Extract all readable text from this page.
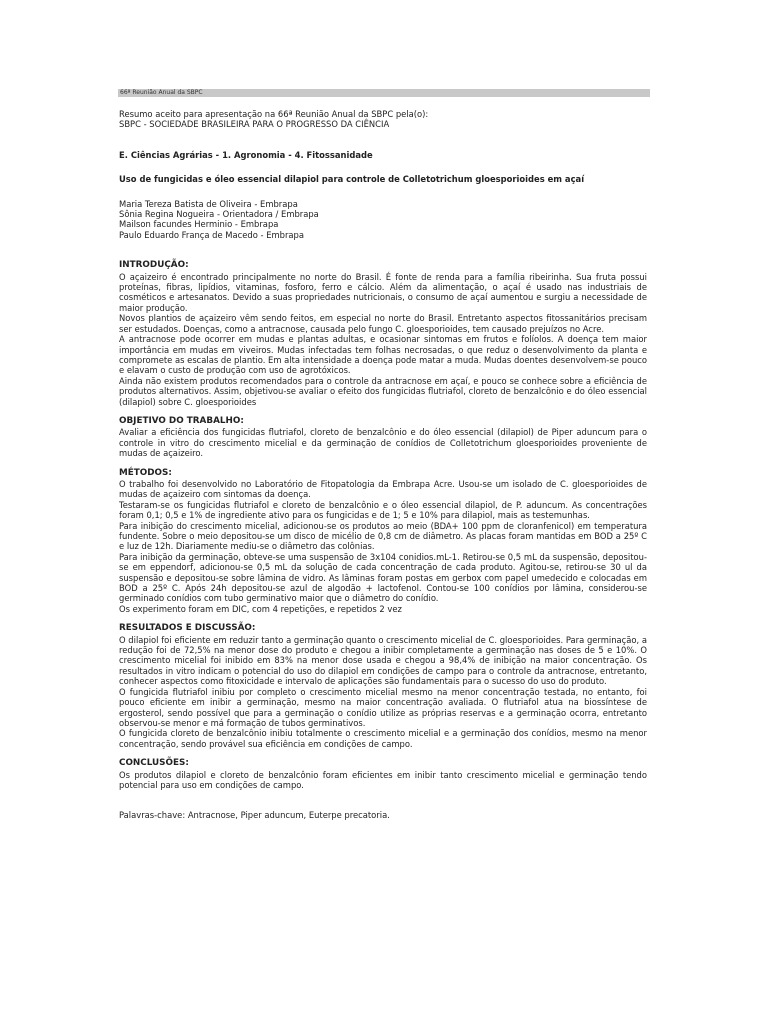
66ª Reunião Anual da SBPC

Resumo aceito para apresentação na 66ª Reunião Anual da SBPC pela(o):

SBPC - SOCIEDADE BRASILEIRA PARA O PROGRESSO DA CIÊNCIA

E. Ciências Agrárias - 1. Agronomia - 4. Fitossanidade

Uso de fungicidas e óleo essencial dilapiol para controle de Colletotrichum gloesporioides em açaí

Maria Tereza Batista de Oliveira - Embrapa
Sônia Regina Nogueira - Orientadora / Embrapa
Mailson facundes Herminio - Embrapa
Paulo Eduardo França de Macedo - Embrapa
INTRODUÇÃO:

O açaizeiro é encontrado principalmente no norte do Brasil. É fonte de renda para a família ribeirinha. Sua fruta possui proteínas, fibras, lipídios, vitaminas, fosforo, ferro e cálcio. Além da alimentação, o açaí é usado nas industriais de cosméticos e artesanatos. Devido a suas propriedades nutricionais, o consumo de açaí aumentou e surgiu a necessidade de maior produção.

Novos plantios de açaizeiro vêm sendo feitos, em especial no norte do Brasil. Entretanto aspectos fitossanitários precisam ser estudados. Doenças, como a antracnose, causada pelo fungo C. gloesporioides, tem causado prejuízos no Acre.

A antracnose pode ocorrer em mudas e plantas adultas, e ocasionar sintomas em frutos e folíolos. A doença tem maior importância em mudas em viveiros. Mudas infectadas tem folhas necrosadas, o que reduz o desenvolvimento da planta e compromete as escalas de plantio. Em alta intensidade a doença pode matar a muda. Mudas doentes desenvolvem-se pouco e elavam o custo de produção com uso de agrotóxicos.

Ainda não existem produtos recomendados para o controle da antracnose em açaí, e pouco se conhece sobre a eficiência de produtos alternativos. Assim, objetivou-se avaliar o efeito dos fungicidas flutriafol, cloreto de benzalcônio e do óleo essencial (dilapiol) sobre C. gloesporioides

OBJETIVO DO TRABALHO:

Avaliar a eficiência dos fungicidas flutriafol, cloreto de benzalcônio e do óleo essencial (dilapiol) de Piper aduncum para o controle in vitro do crescimento micelial e da germinação de conídios de Colletotrichum gloesporioides proveniente de mudas de açaizeiro.

MÉTODOS:

O trabalho foi desenvolvido no Laboratório de Fitopatologia da Embrapa Acre. Usou-se um isolado de C. gloesporioides de mudas de açaizeiro com sintomas da doença.

Testaram-se os fungicidas flutriafol e cloreto de benzalcônio e o óleo essencial dilapiol, de P. aduncum. As concentrações foram 0,1; 0,5 e 1% de ingrediente ativo para os fungicidas e de 1; 5 e 10% para dilapiol, mais as testemunhas.

Para inibição do crescimento micelial, adicionou-se os produtos ao meio (BDA+ 100 ppm de cloranfenicol) em temperatura fundente. Sobre o meio depositou-se um disco de micélio de 0,8 cm de diâmetro. As placas foram mantidas em BOD a 25º C e luz de 12h. Diariamente mediu-se o diâmetro das colônias.

Para inibição da germinação, obteve-se uma suspensão de 3x104 conidios.mL-1. Retirou-se 0,5 mL da suspensão, depositou-se em eppendorf, adicionou-se 0,5 mL da solução de cada concentração de cada produto. Agitou-se, retirou-se 30 ul da suspensão e depositou-se sobre lâmina de vidro. As lâminas foram postas em gerbox com papel umedecido e colocadas em BOD a 25º C. Após 24h depositou-se azul de algodão + lactofenol. Contou-se 100 conídios por lâmina, considerou-se germinado conídios com tubo germinativo maior que o diâmetro do conídio.

Os experimento foram em DIC, com 4 repetições, e repetidos 2 vez

RESULTADOS E DISCUSSÃO:

O dilapiol foi eficiente em reduzir tanto a germinação quanto o crescimento micelial de C. gloesporioides. Para germinação, a redução foi de 72,5% na menor dose do produto e chegou a inibir completamente a germinação nas doses de 5 e 10%. O crescimento micelial foi inibido em 83% na menor dose usada e chegou a 98,4% de inibição na maior concentração. Os resultados in vitro indicam o potencial do uso do dilapiol em condições de campo para o controle da antracnose, entretanto, conhecer aspectos como fitoxicidade e intervalo de aplicações são fundamentais para o sucesso do uso do produto.

O fungicida flutriafol inibiu por completo o crescimento micelial mesmo na menor concentração testada, no entanto, foi pouco eficiente em inibir a germinação, mesmo na maior concentração avaliada. O flutriafol atua na biossíntese de ergosterol, sendo possível que para a germinação o conídio utilize as próprias reservas e a germinação ocorra, entretanto observou-se menor e má formação de tubos germinativos.

O fungicida cloreto de benzalcônio inibiu totalmente o crescimento micelial e a germinação dos conídios, mesmo na menor concentração, sendo provável sua eficiência em condições de campo.

CONCLUSÕES:

Os produtos dilapiol e cloreto de benzalcônio foram eficientes em inibir tanto crescimento micelial e germinação tendo potencial para uso em condições de campo.

Palavras-chave: Antracnose, Piper aduncum, Euterpe precatoria.
